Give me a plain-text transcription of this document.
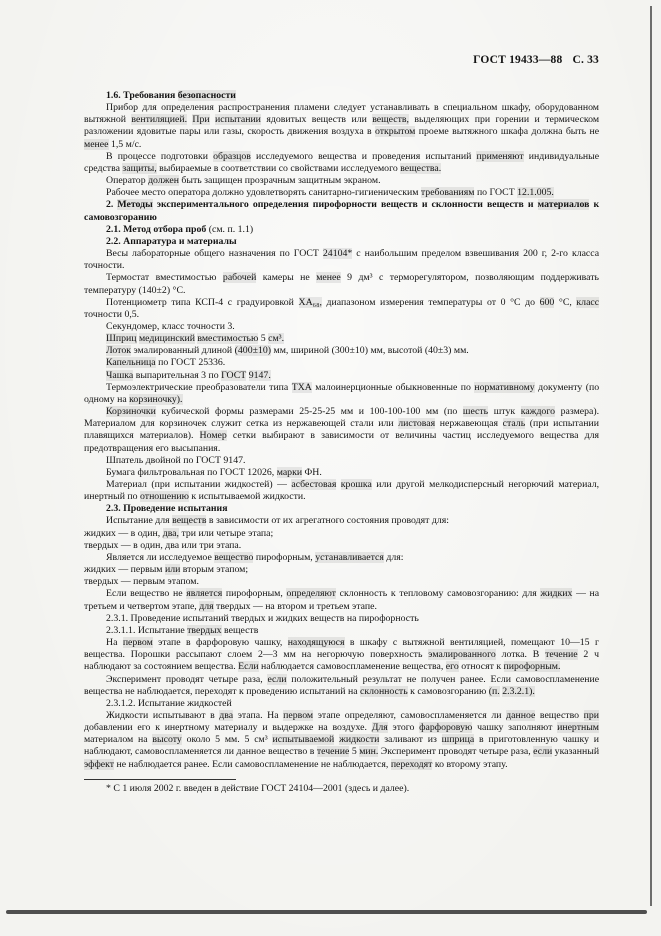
ГОСТ 19433—88 С. 33

1.6. Требования безопасности

Прибор для определения распространения пламени следует устанавливать в специальном шкафу, оборудованном вытяжной вентиляцией. При испытании ядовитых веществ или веществ, выделяющих при горении и термическом разложении ядовитые пары или газы, скорость движения воздуха в открытом проеме вытяжного шкафа должна быть не менее 1,5 м/с.

В процессе подготовки образцов исследуемого вещества и проведения испытаний применяют индивидуальные средства защиты, выбираемые в соответствии со свойствами исследуемого вещества.

Оператор должен быть защищен прозрачным защитным экраном.

Рабочее место оператора должно удовлетворять санитарно-гигиеническим требованиям по ГОСТ 12.1.005.

2. Методы экспериментального определения пирофорности веществ и склонности веществ и материалов к самовозгоранию

2.1. Метод отбора проб (см. п. 1.1)

2.2. Аппаратура и материалы

Весы лабораторные общего назначения по ГОСТ 24104* с наибольшим пределом взвешивания 200 г, 2-го класса точности.

Термостат вместимостью рабочей камеры не менее 9 дм³ с терморегулятором, позволяющим поддерживать температуру (140±2) °С.

Потенциометр типа КСП-4 с градуировкой ХА₆₈, диапазоном измерения температуры от 0 °С до 600 °С, класс точности 0,5.

Секундомер, класс точности 3.

Шприц медицинский вместимостью 5 см³.

Лоток эмалированный длиной (400±10) мм, шириной (300±10) мм, высотой (40±3) мм.

Капельница по ГОСТ 25336.

Чашка выпарительная 3 по ГОСТ 9147.

Термоэлектрические преобразователи типа ТХА малоинерционные обыкновенные по нормативному документу (по одному на корзиночку).

Корзиночки кубической формы размерами 25-25-25 мм и 100-100-100 мм (по шесть штук каждого размера). Материалом для корзиночек служит сетка из нержавеющей стали или листовая нержавеющая сталь (при испытании плавящихся материалов). Номер сетки выбирают в зависимости от величины частиц исследуемого вещества для предотвращения его высыпания.

Шпатель двойной по ГОСТ 9147.

Бумага фильтровальная по ГОСТ 12026, марки ФН.

Материал (при испытании жидкостей) — асбестовая крошка или другой мелкодисперсный негорючий материал, инертный по отношению к испытываемой жидкости.

2.3. Проведение испытания

Испытание для веществ в зависимости от их агрегатного состояния проводят для:

жидких — в один, два, три или четыре этапа;

твердых — в один, два или три этапа.

Является ли исследуемое вещество пирофорным, устанавливается для:

жидких — первым или вторым этапом;

твердых — первым этапом.

Если вещество не является пирофорным, определяют склонность к тепловому самовозгоранию: для жидких — на третьем и четвертом этапе, для твердых — на втором и третьем этапе.

2.3.1. Проведение испытаний твердых и жидких веществ на пирофорность

2.3.1.1. Испытание твердых веществ

На первом этапе в фарфоровую чашку, находящуюся в шкафу с вытяжной вентиляцией, помещают 10—15 г вещества. Порошки рассыпают слоем 2—3 мм на негорючую поверхность эмалированного лотка. В течение 2 ч наблюдают за состоянием вещества. Если наблюдается самовоспламенение вещества, его относят к пирофорным.

Эксперимент проводят четыре раза, если положительный результат не получен ранее. Если самовоспламенение вещества не наблюдается, переходят к проведению испытаний на склонность к самовозгоранию (п. 2.3.2.1).

2.3.1.2. Испытание жидкостей

Жидкости испытывают в два этапа. На первом этапе определяют, самовоспламеняется ли данное вещество при добавлении его к инертному материалу и выдержке на воздухе. Для этого фарфоровую чашку заполняют инертным материалом на высоту около 5 мм. 5 см³ испытываемой жидкости заливают из шприца в приготовленную чашку и наблюдают, самовоспламеняется ли данное вещество в течение 5 мин. Эксперимент проводят четыре раза, если указанный эффект не наблюдается ранее. Если самовоспламенение не наблюдается, переходят ко второму этапу.

* С 1 июля 2002 г. введен в действие ГОСТ 24104—2001 (здесь и далее).
